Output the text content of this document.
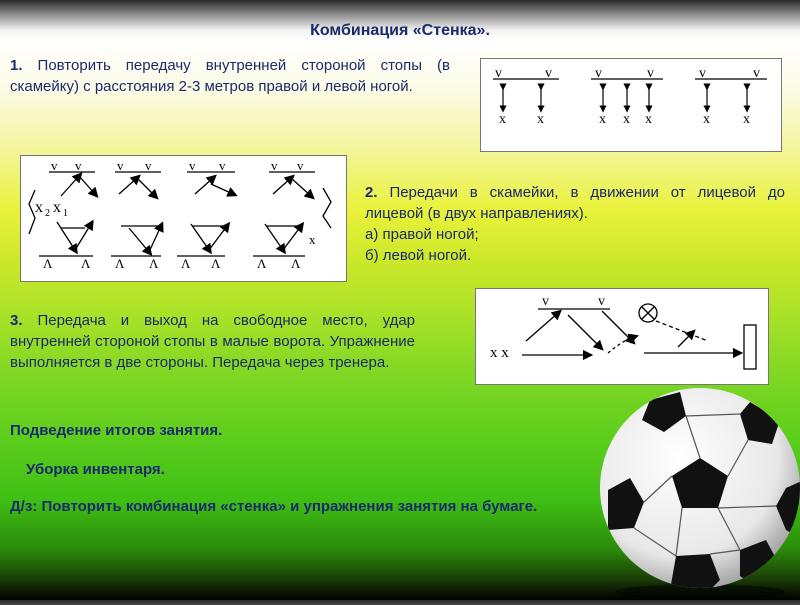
Комбинация «Стенка».
1. Повторить передачу внутренней стороной стопы (в скамейку) с расстояния 2-3 метров правой и левой ногой.
v	v	v	v	v	v
x x	x x x	x x
v v	v v	v v	v v
x
Λ Λ Λ Λ Λ Λ	Λ Λ
x 2 x 1
2. Передачи в скамейки, в движении от лицевой до лицевой (в двух направлениях).
а) правой ногой;
б) левой ногой.
3. Передача и выход на свободное место, удар внутренней стороной стопы в малые ворота. Упражнение выполняется в две стороны. Передача через тренера.
v	v
x x
Подведение итогов занятия.
Уборка инвентаря.
Д/з: Повторить комбинация «стенка» и упражнения занятия на бумаге.
